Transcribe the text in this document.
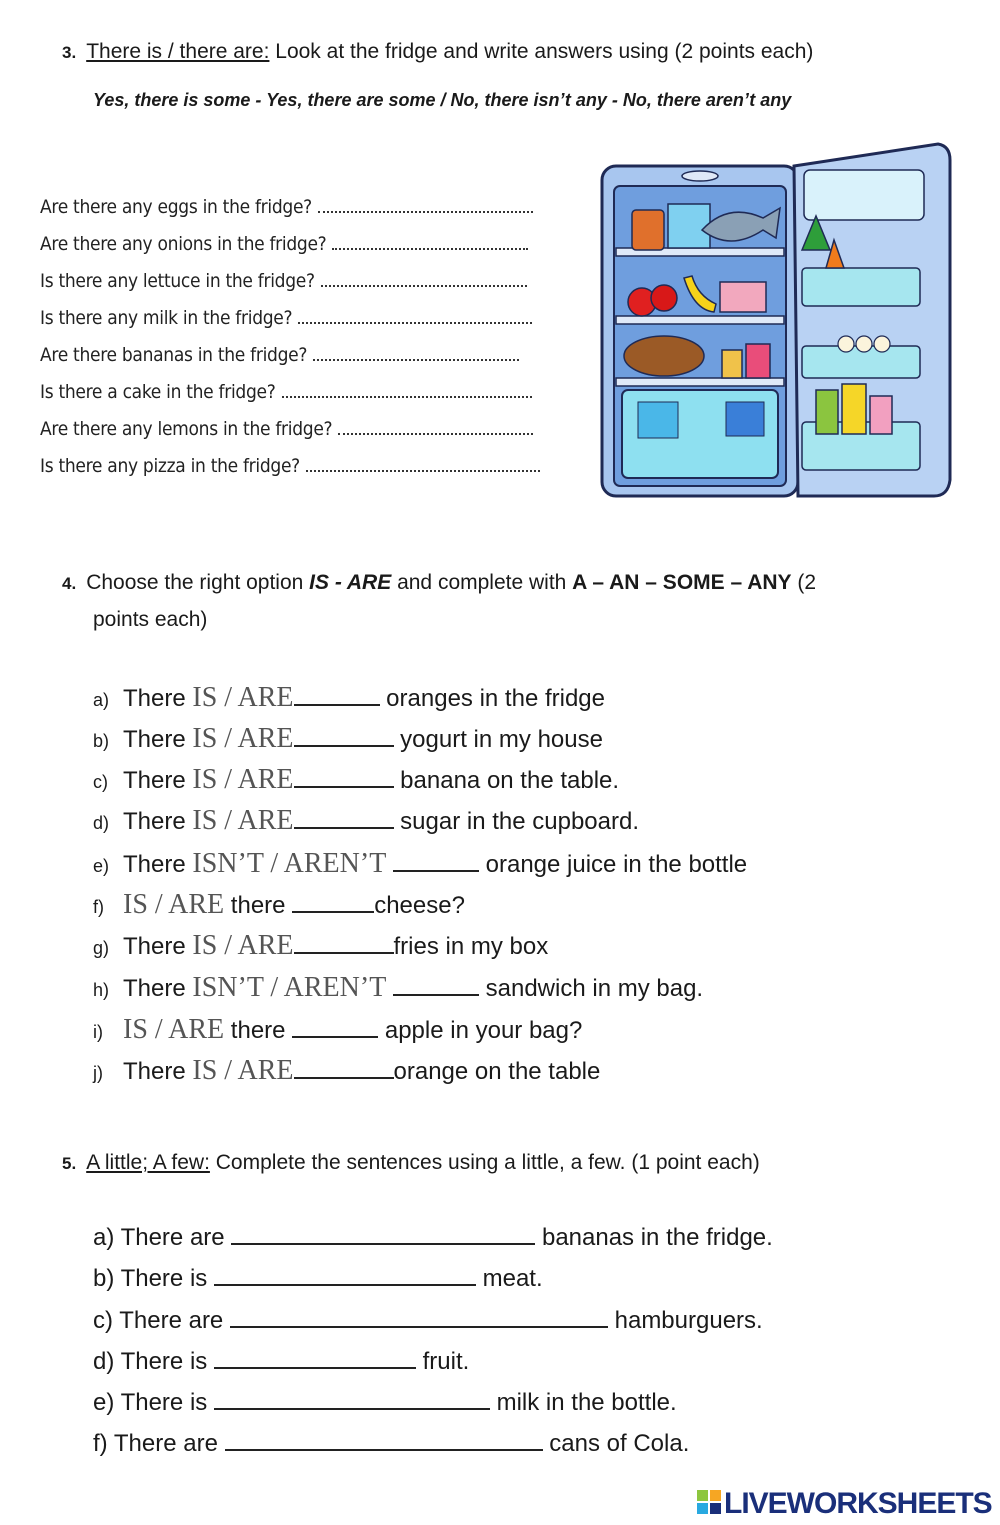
3. There is / there are: Look at the fridge and write answers using (2 points each)
Yes, there is some - Yes, there are some / No, there isn’t any - No, there aren’t any
Are there any eggs in the fridge?
Are there any onions in the fridge?
Is there any lettuce in the fridge?
Is there any milk in the fridge?
Are there bananas in the fridge?
Is there a cake in the fridge?
Are there any lemons in the fridge?
Is there any pizza in the fridge?
4. Choose the right option IS - ARE and complete with A – AN – SOME – ANY (2
points each)
a) There IS / ARE	oranges in the fridge
b) There IS / ARE	yogurt in my house
c) There IS / ARE	banana on the table.
d) There IS / ARE	sugar in the cupboard.
e) There ISN’T / AREN’T	orange juice in the bottle
f) IS / ARE there	cheese?
g) There IS / ARE	fries in my box
h) There ISN’T / AREN’T	sandwich in my bag.
i) IS / ARE there	apple in your bag?
j) There IS / ARE	orange on the table
5. A little; A few: Complete the sentences using a little, a few. (1 point each)
a) There are	bananas in the fridge.
b) There is	meat.
c) There are	hamburguers.
d) There is	fruit.
e) There is	milk in the bottle.
f) There are	cans of Cola.
LIVEWORKSHEETS
